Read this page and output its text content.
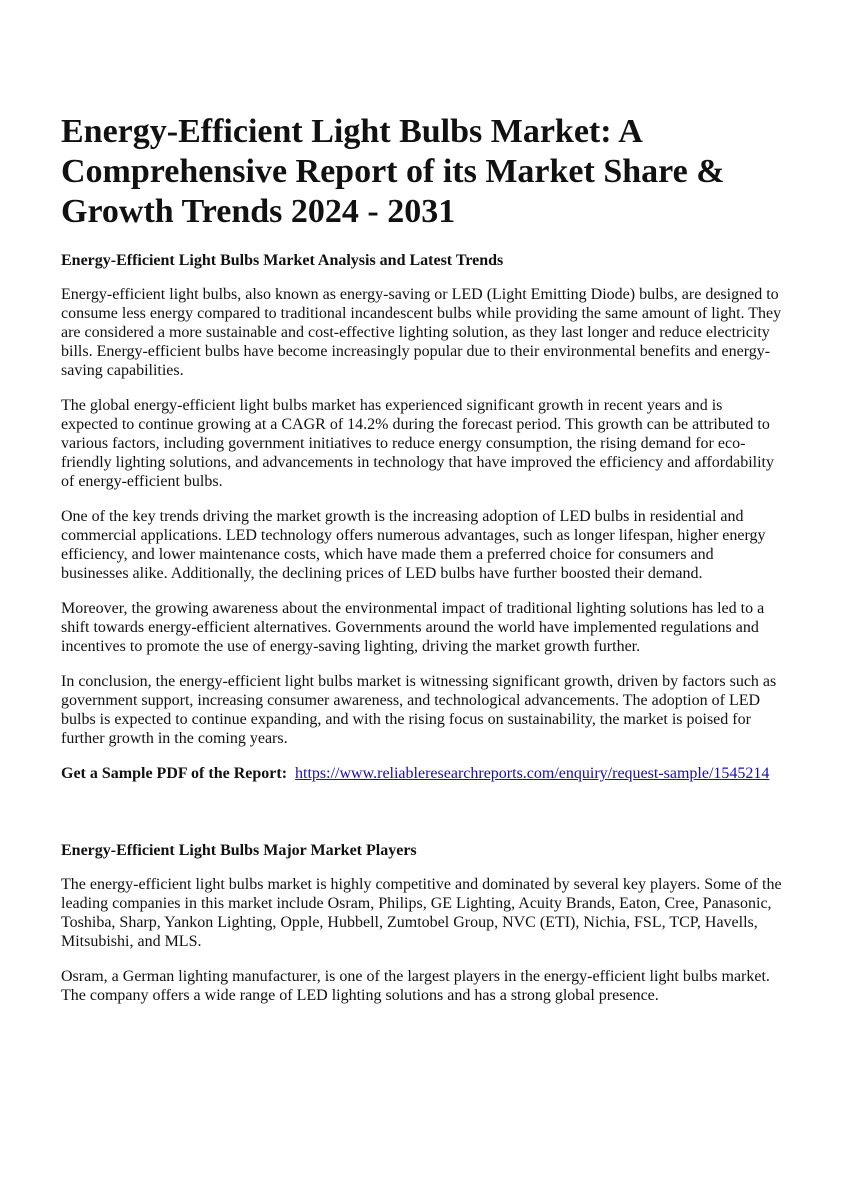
Energy-Efficient Light Bulbs Market: A Comprehensive Report of its Market Share & Growth Trends 2024 - 2031
Energy-Efficient Light Bulbs Market Analysis and Latest Trends

Energy-efficient light bulbs, also known as energy-saving or LED (Light Emitting Diode) bulbs, are designed to consume less energy compared to traditional incandescent bulbs while providing the same amount of light. They are considered a more sustainable and cost-effective lighting solution, as they last longer and reduce electricity bills. Energy-efficient bulbs have become increasingly popular due to their environmental benefits and energy-saving capabilities.

The global energy-efficient light bulbs market has experienced significant growth in recent years and is expected to continue growing at a CAGR of 14.2% during the forecast period. This growth can be attributed to various factors, including government initiatives to reduce energy consumption, the rising demand for eco-friendly lighting solutions, and advancements in technology that have improved the efficiency and affordability of energy-efficient bulbs.

One of the key trends driving the market growth is the increasing adoption of LED bulbs in residential and commercial applications. LED technology offers numerous advantages, such as longer lifespan, higher energy efficiency, and lower maintenance costs, which have made them a preferred choice for consumers and businesses alike. Additionally, the declining prices of LED bulbs have further boosted their demand.

Moreover, the growing awareness about the environmental impact of traditional lighting solutions has led to a shift towards energy-efficient alternatives. Governments around the world have implemented regulations and incentives to promote the use of energy-saving lighting, driving the market growth further.

In conclusion, the energy-efficient light bulbs market is witnessing significant growth, driven by factors such as government support, increasing consumer awareness, and technological advancements. The adoption of LED bulbs is expected to continue expanding, and with the rising focus on sustainability, the market is poised for further growth in the coming years.

Get a Sample PDF of the Report: https://www.reliableresearchreports.com/enquiry/request-sample/1545214

Energy-Efficient Light Bulbs Major Market Players

The energy-efficient light bulbs market is highly competitive and dominated by several key players. Some of the leading companies in this market include Osram, Philips, GE Lighting, Acuity Brands, Eaton, Cree, Panasonic, Toshiba, Sharp, Yankon Lighting, Opple, Hubbell, Zumtobel Group, NVC (ETI), Nichia, FSL, TCP, Havells, Mitsubishi, and MLS.

Osram, a German lighting manufacturer, is one of the largest players in the energy-efficient light bulbs market. The company offers a wide range of LED lighting solutions and has a strong global presence.
